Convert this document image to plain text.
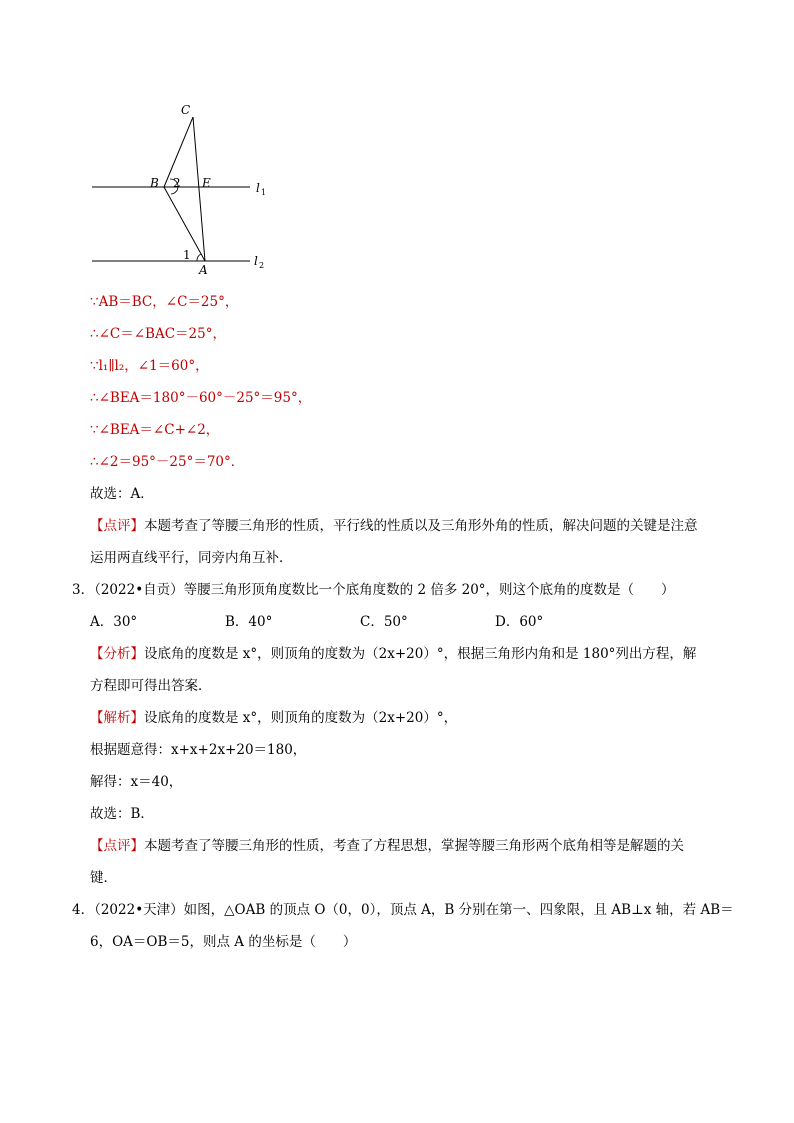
C
B 2 E	l 1
1
A
l 2
∵AB＝BC，∠C＝25°，
∴∠C＝∠BAC＝25°，
∵l₁∥l₂，∠1＝60°，
∴∠BEA＝180°－60°－25°＝95°，
∵∠BEA＝∠C+∠2，
∴∠2＝95°－25°＝70°．
故选：A．
【点评】本题考查了等腰三角形的性质，平行线的性质以及三角形外角的性质，解决问题的关键是注意
运用两直线平行，同旁内角互补．
3．（2022•自贡）等腰三角形顶角度数比一个底角度数的 2 倍多 20°，则这个底角的度数是（　　）
A．30°	B．40°	C．50°	D．60°
【分析】设底角的度数是 x°，则顶角的度数为（2x+20）°，根据三角形内角和是 180°列出方程，解
方程即可得出答案．
【解析】设底角的度数是 x°，则顶角的度数为（2x+20）°，
根据题意得：x+x+2x+20＝180，
解得：x＝40，
故选：B．
【点评】本题考查了等腰三角形的性质，考查了方程思想，掌握等腰三角形两个底角相等是解题的关
键．
4．（2022•天津）如图，△OAB 的顶点 O（0，0），顶点 A，B 分别在第一、四象限，且 AB⊥x 轴，若 AB＝
6，OA＝OB＝5，则点 A 的坐标是（　　）
